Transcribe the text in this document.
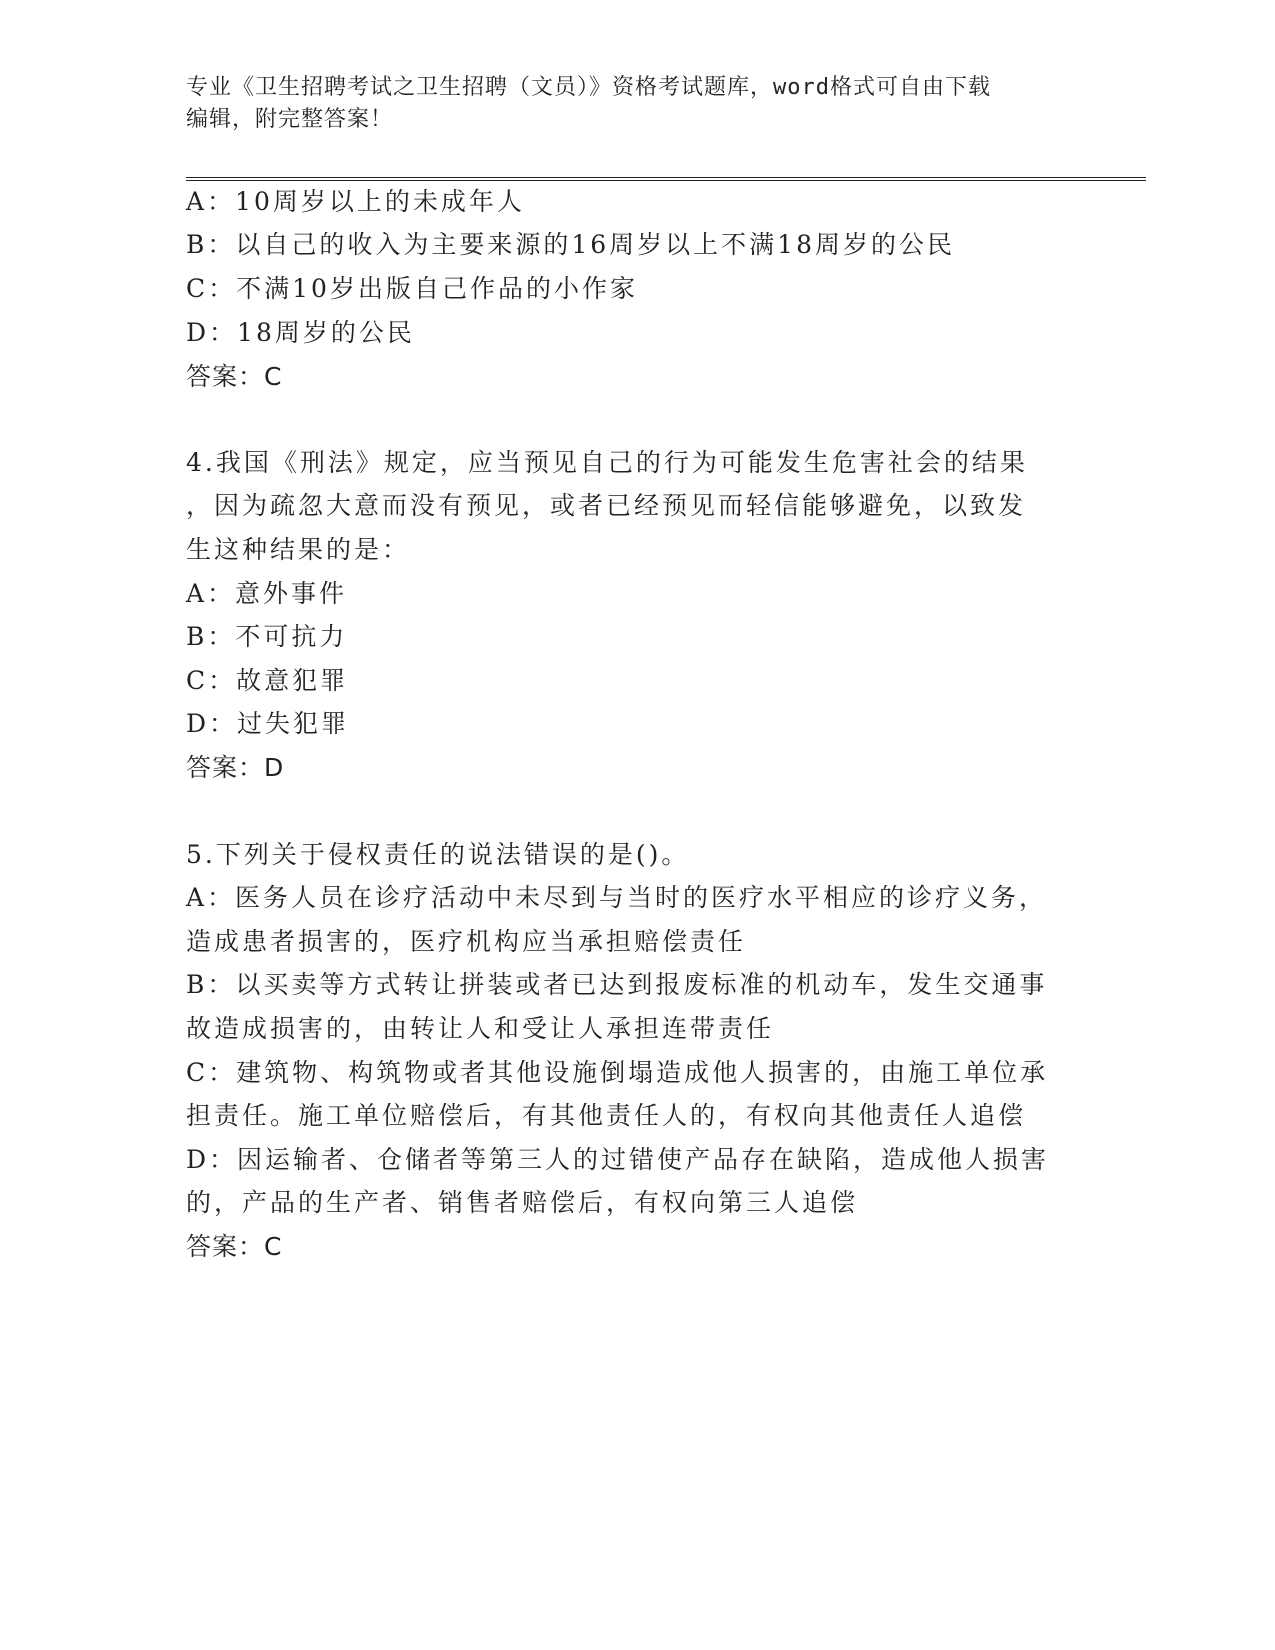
专业《卫生招聘考试之卫生招聘（文员）》资格考试题库，word格式可自由下载
编辑，附完整答案！
A：10周岁以上的未成年人
B：以自己的收入为主要来源的16周岁以上不满18周岁的公民
C：不满10岁出版自己作品的小作家
D：18周岁的公民
答案：C
4.我国《刑法》规定，应当预见自己的行为可能发生危害社会的结果
，因为疏忽大意而没有预见，或者已经预见而轻信能够避免，以致发
生这种结果的是：
A：意外事件
B：不可抗力
C：故意犯罪
D：过失犯罪
答案：D
5.下列关于侵权责任的说法错误的是()。
A：医务人员在诊疗活动中未尽到与当时的医疗水平相应的诊疗义务，
造成患者损害的，医疗机构应当承担赔偿责任
B：以买卖等方式转让拼装或者已达到报废标准的机动车，发生交通事
故造成损害的，由转让人和受让人承担连带责任
C：建筑物、构筑物或者其他设施倒塌造成他人损害的，由施工单位承
担责任。施工单位赔偿后，有其他责任人的，有权向其他责任人追偿
D：因运输者、仓储者等第三人的过错使产品存在缺陷，造成他人损害
的，产品的生产者、销售者赔偿后，有权向第三人追偿
答案：C
